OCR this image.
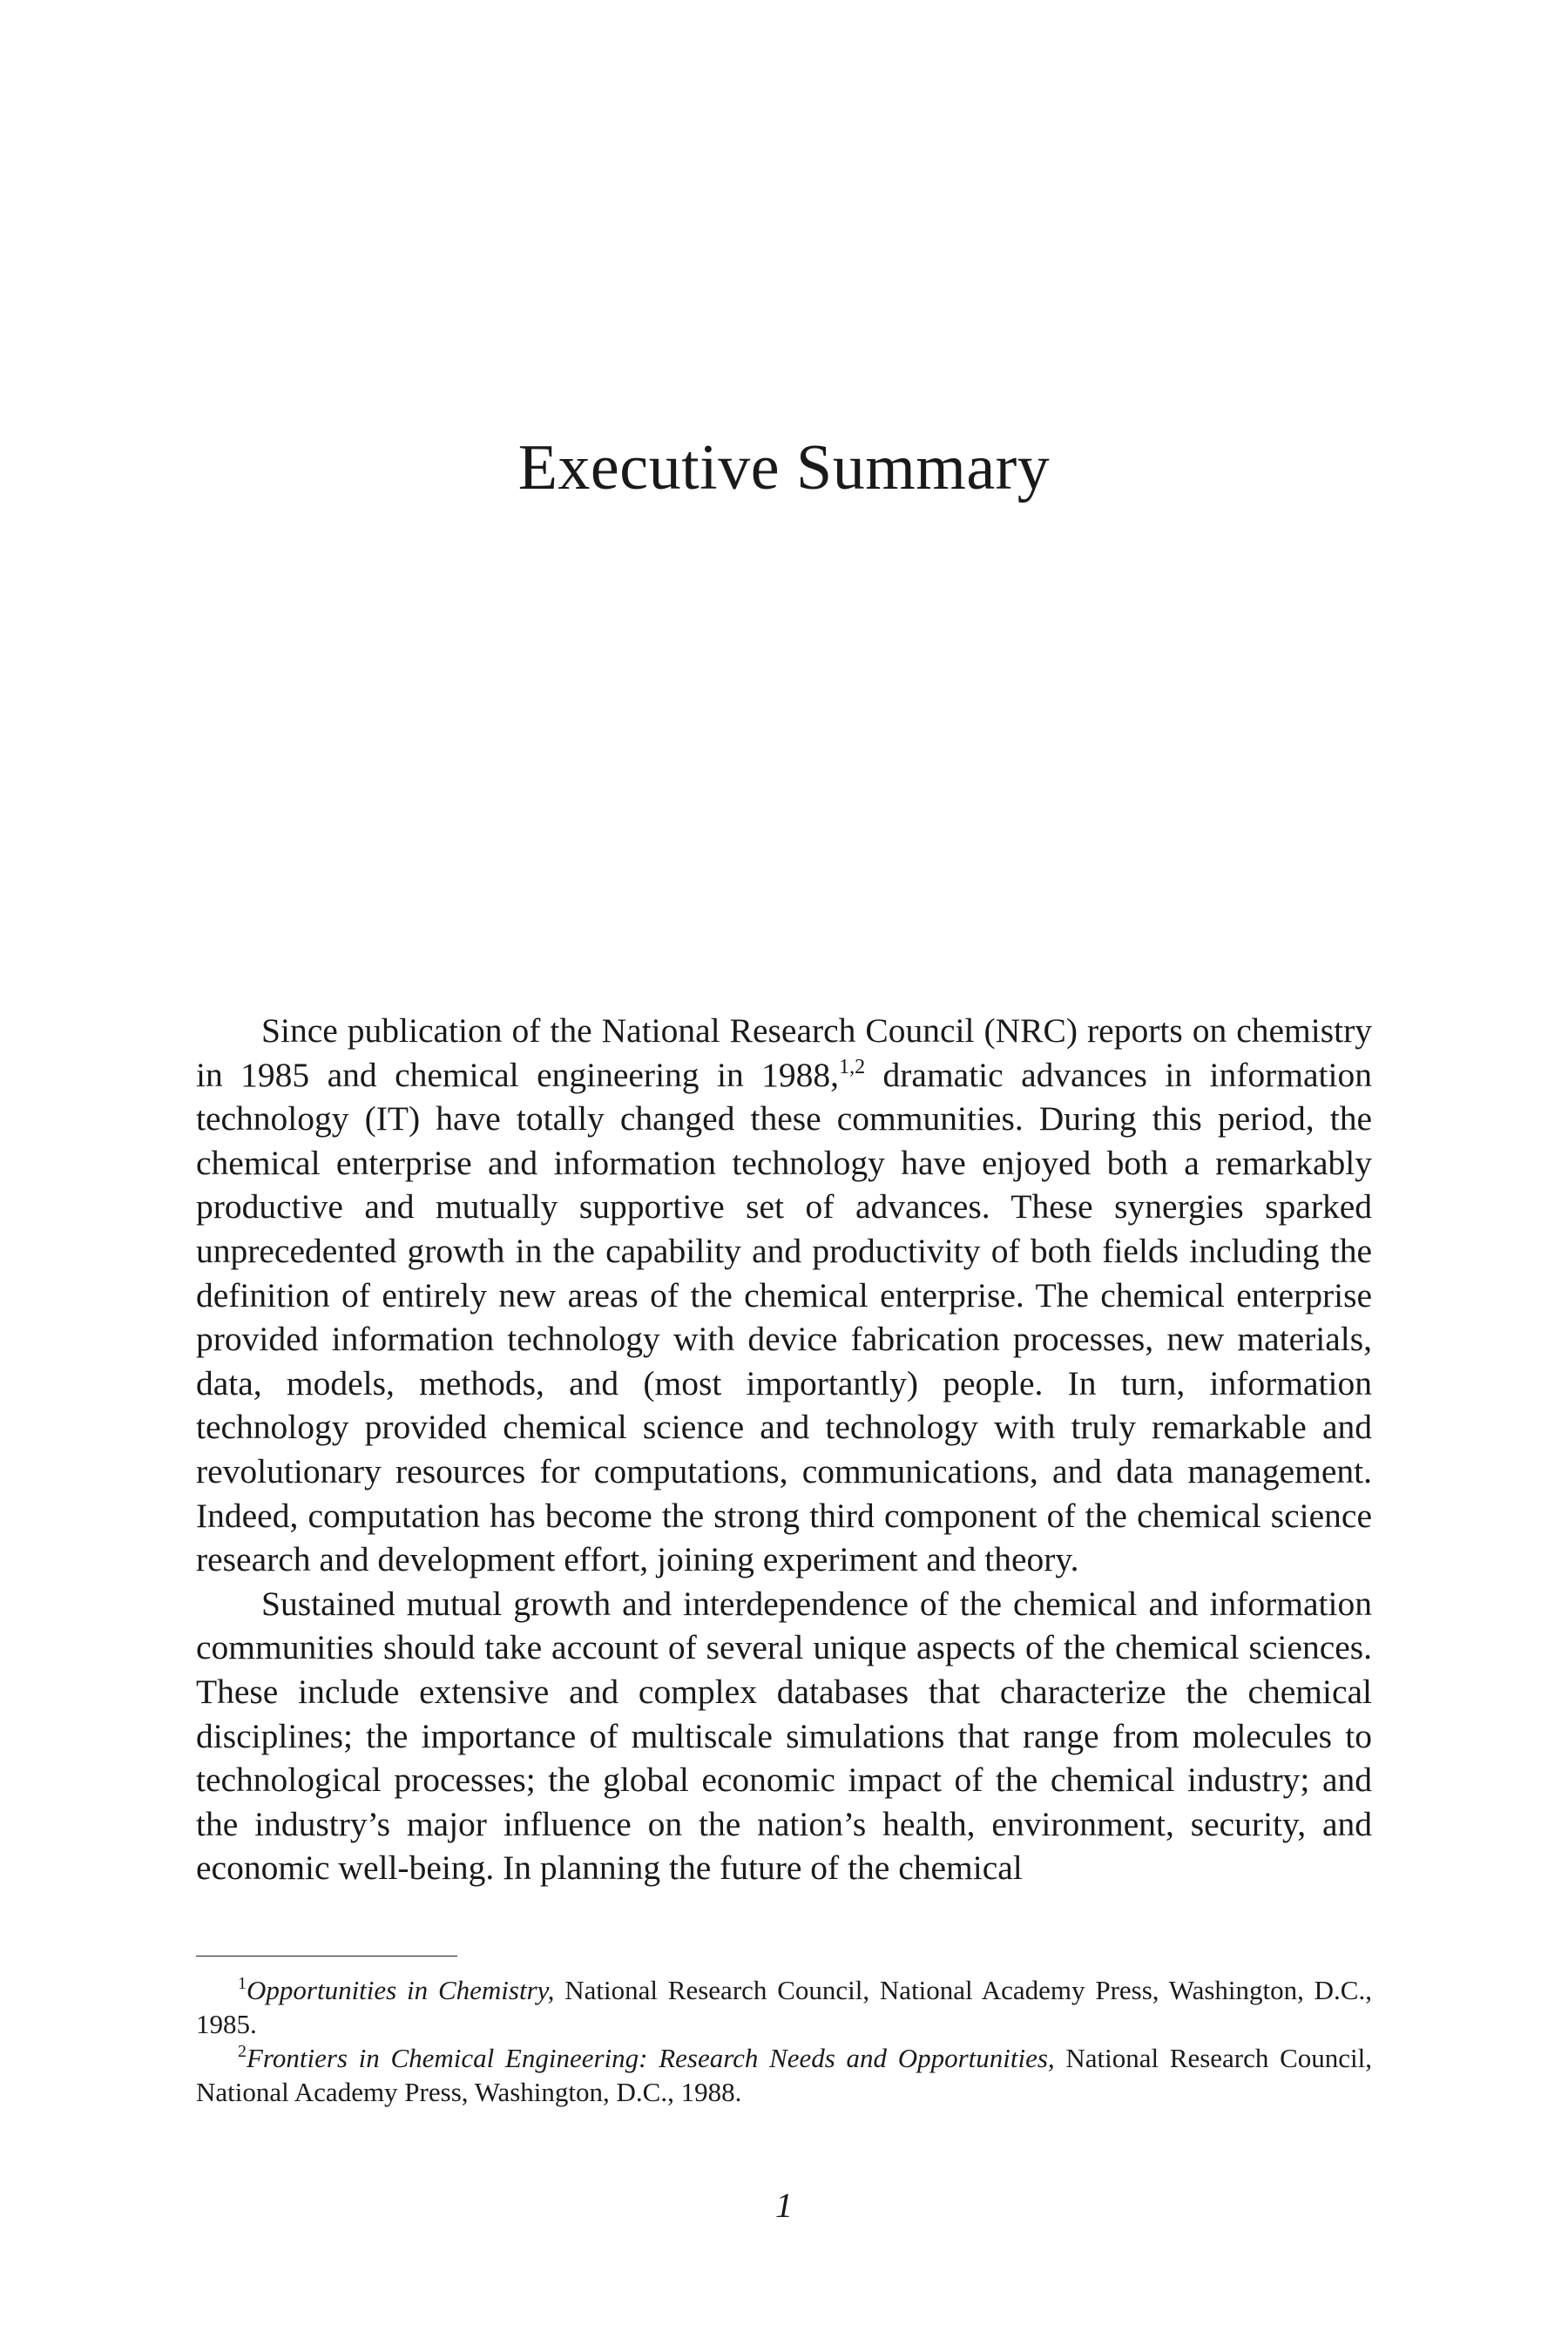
Executive Summary

Since publication of the National Research Council (NRC) reports on chemistry in 1985 and chemical engineering in 1988,$^{1,2}$ dramatic advances in information technology (IT) have totally changed these communities. During this period, the chemical enterprise and information technology have enjoyed both a remarkably productive and mutually supportive set of advances. These synergies sparked unprecedented growth in the capability and productivity of both fields including the definition of entirely new areas of the chemical enterprise. The chemical enterprise provided information technology with device fabrication processes, new materials, data, models, methods, and (most importantly) people. In turn, information technology provided chemical science and technology with truly remarkable and revolutionary resources for computations, communications, and data management. Indeed, computation has become the strong third component of the chemical science research and development effort, joining experiment and theory.

Sustained mutual growth and interdependence of the chemical and information communities should take account of several unique aspects of the chemical sciences. These include extensive and complex databases that characterize the chemical disciplines; the importance of multiscale simulations that range from molecules to technological processes; the global economic impact of the chemical industry; and the industry’s major influence on the nation’s health, environment, security, and economic well-being. In planning the future of the chemical

$^1$Opportunities in Chemistry, National Research Council, National Academy Press, Washington, D.C., 1985.

$^2$Frontiers in Chemical Engineering: Research Needs and Opportunities, National Research Council, National Academy Press, Washington, D.C., 1988.

1
